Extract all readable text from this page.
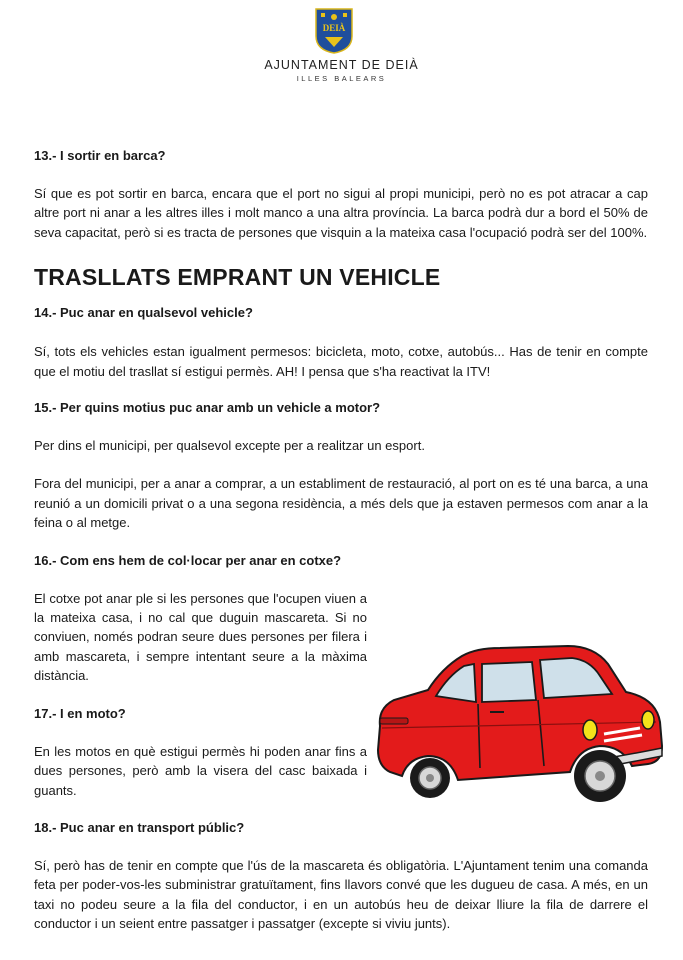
DEIÀ
AJUNTAMENT DE DEIÀ
ILLES BALEARS
13.- I sortir en barca?
Sí que es pot sortir en barca, encara que el port no sigui al propi municipi, però no es pot atracar a cap altre port ni anar a les altres illes i molt manco a una altra província. La barca podrà dur a bord el 50% de seva capacitat, però si es tracta de persones que visquin a la mateixa casa l'ocupació podrà ser del 100%.
TRASLLATS EMPRANT UN VEHICLE
14.- Puc anar en qualsevol vehicle?
Sí, tots els vehicles estan igualment permesos: bicicleta, moto, cotxe, autobús... Has de tenir en compte que el motiu del trasllat sí estigui permès. AH! I pensa que s'ha reactivat la ITV!
15.- Per quins motius puc anar amb un vehicle a motor?
Per dins el municipi, per qualsevol excepte per a realitzar un esport.
Fora del municipi, per a anar a comprar, a un establiment de restauració, al port on es té una barca, a una reunió a un domicili privat o a una segona residència, a més dels que ja estaven permesos com anar a la feina o al metge.
16.- Com ens hem de col·locar per anar en cotxe?
El cotxe pot anar ple si les persones que l'ocupen viuen a la mateixa casa, i no cal que duguin mascareta. Si no conviuen, només podran seure dues persones per filera i amb mascareta, i sempre intentant seure a la màxima distància.
17.- I en moto?
En les motos en què estigui permès hi poden anar fins a dues persones, però amb la visera del casc baixada i guants.
18.- Puc anar en transport públic?
Sí, però has de tenir en compte que l'ús de la mascareta és obligatòria. L'Ajuntament tenim una comanda feta per poder-vos-les subministrar gratuïtament, fins llavors convé que les dugueu de casa. A més, en un taxi no podeu seure a la fila del conductor, i en un autobús heu de deixar lliure la fila de darrere el conductor i un seient entre passatger i passatger (excepte si viviu junts).
